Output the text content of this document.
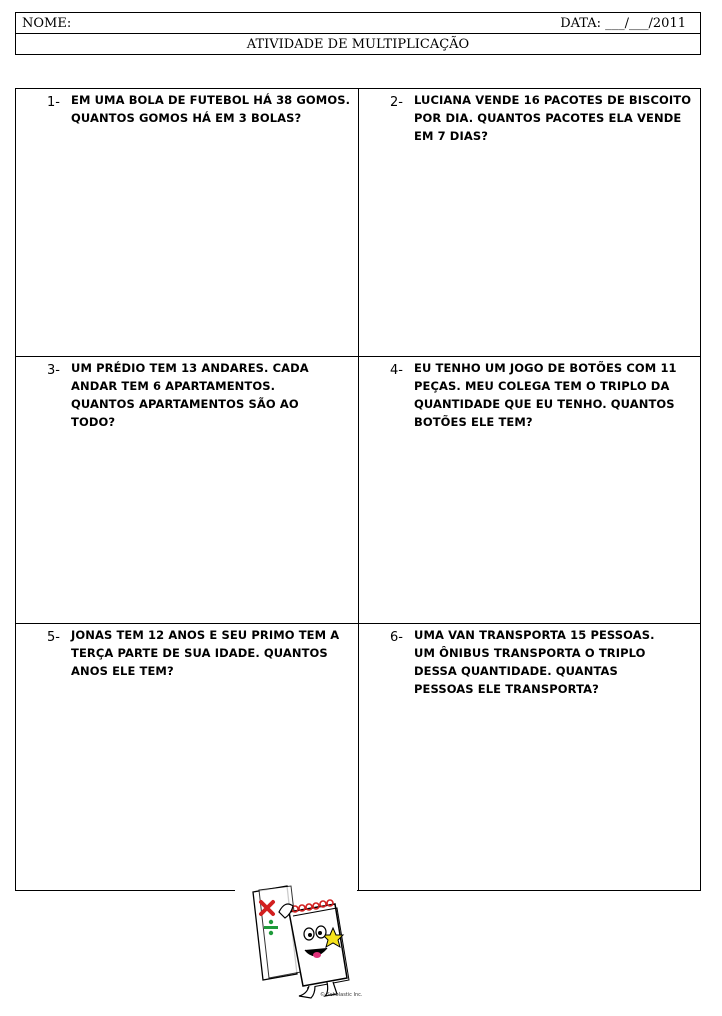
NOME:	DATA: ___/___/2011
ATIVIDADE DE MULTIPLICAÇÃO
1- EM UMA BOLA DE FUTEBOL HÁ 38 GOMOS. QUANTOS GOMOS HÁ EM 3 BOLAS?
2- LUCIANA VENDE 16 PACOTES DE BISCOITO POR DIA. QUANTOS PACOTES ELA VENDE EM 7 DIAS?
3- UM PRÉDIO TEM 13 ANDARES. CADA ANDAR TEM 6 APARTAMENTOS. QUANTOS APARTAMENTOS SÃO AO TODO?
4- EU TENHO UM JOGO DE BOTÕES COM 11 PEÇAS. MEU COLEGA TEM O TRIPLO DA QUANTIDADE QUE EU TENHO. QUANTOS BOTÕES ELE TEM?
5- JONAS TEM 12 ANOS E SEU PRIMO TEM A TERÇA PARTE DE SUA IDADE. QUANTOS ANOS ELE TEM?
6- UMA VAN TRANSPORTA 15 PESSOAS. UM ÔNIBUS TRANSPORTA O TRIPLO DESSA QUANTIDADE. QUANTAS PESSOAS ELE TRANSPORTA?
© Scholastic Inc.
